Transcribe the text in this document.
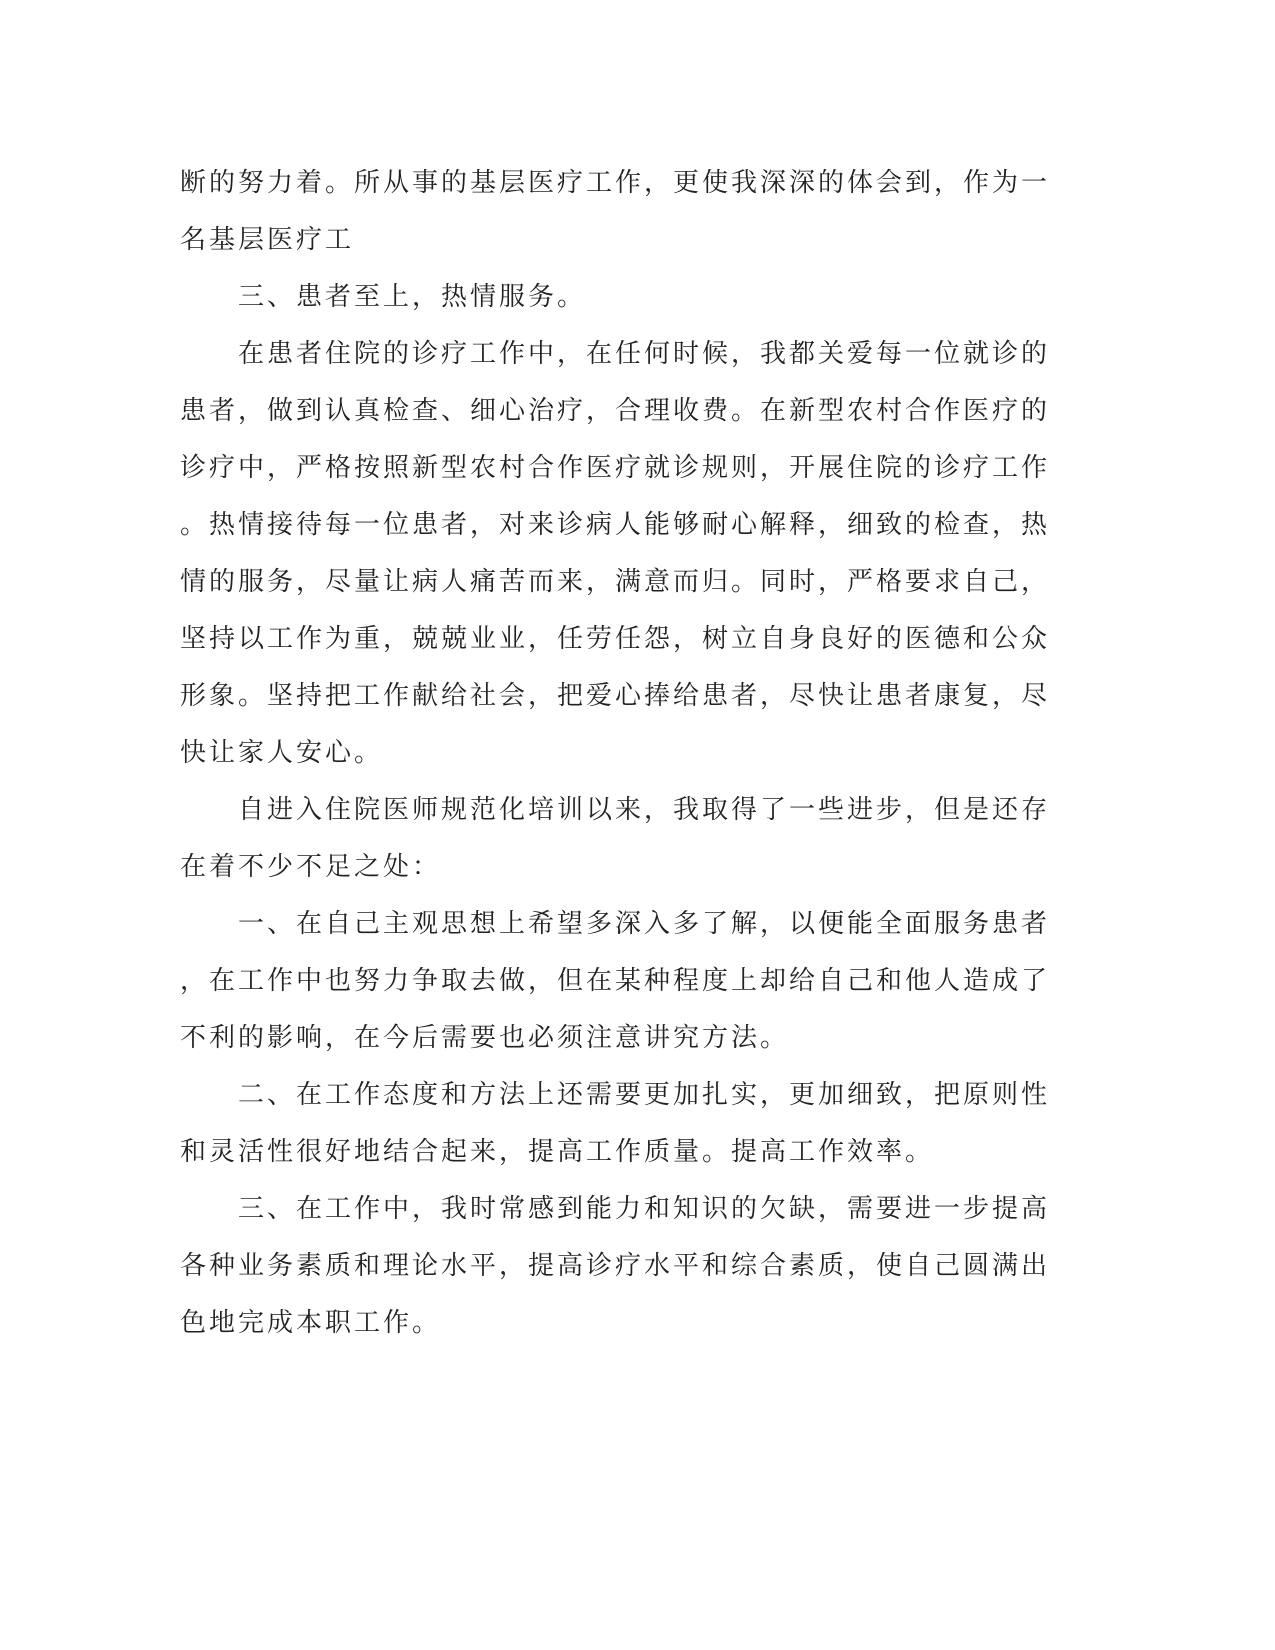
断的努力着。所从事的基层医疗工作，更使我深深的体会到，作为一

名基层医疗工

　　三、患者至上，热情服务。

　　在患者住院的诊疗工作中，在任何时候，我都关爱每一位就诊的

患者，做到认真检查、细心治疗，合理收费。在新型农村合作医疗的

诊疗中，严格按照新型农村合作医疗就诊规则，开展住院的诊疗工作

。热情接待每一位患者，对来诊病人能够耐心解释，细致的检查，热

情的服务，尽量让病人痛苦而来，满意而归。同时，严格要求自己，

坚持以工作为重，兢兢业业，任劳任怨，树立自身良好的医德和公众

形象。坚持把工作献给社会，把爱心捧给患者，尽快让患者康复，尽

快让家人安心。

　　自进入住院医师规范化培训以来，我取得了一些进步，但是还存

在着不少不足之处：

　　一、在自己主观思想上希望多深入多了解，以便能全面服务患者

，在工作中也努力争取去做，但在某种程度上却给自己和他人造成了

不利的影响，在今后需要也必须注意讲究方法。

　　二、在工作态度和方法上还需要更加扎实，更加细致，把原则性

和灵活性很好地结合起来，提高工作质量。提高工作效率。

　　三、在工作中，我时常感到能力和知识的欠缺，需要进一步提高

各种业务素质和理论水平，提高诊疗水平和综合素质，使自己圆满出

色地完成本职工作。
